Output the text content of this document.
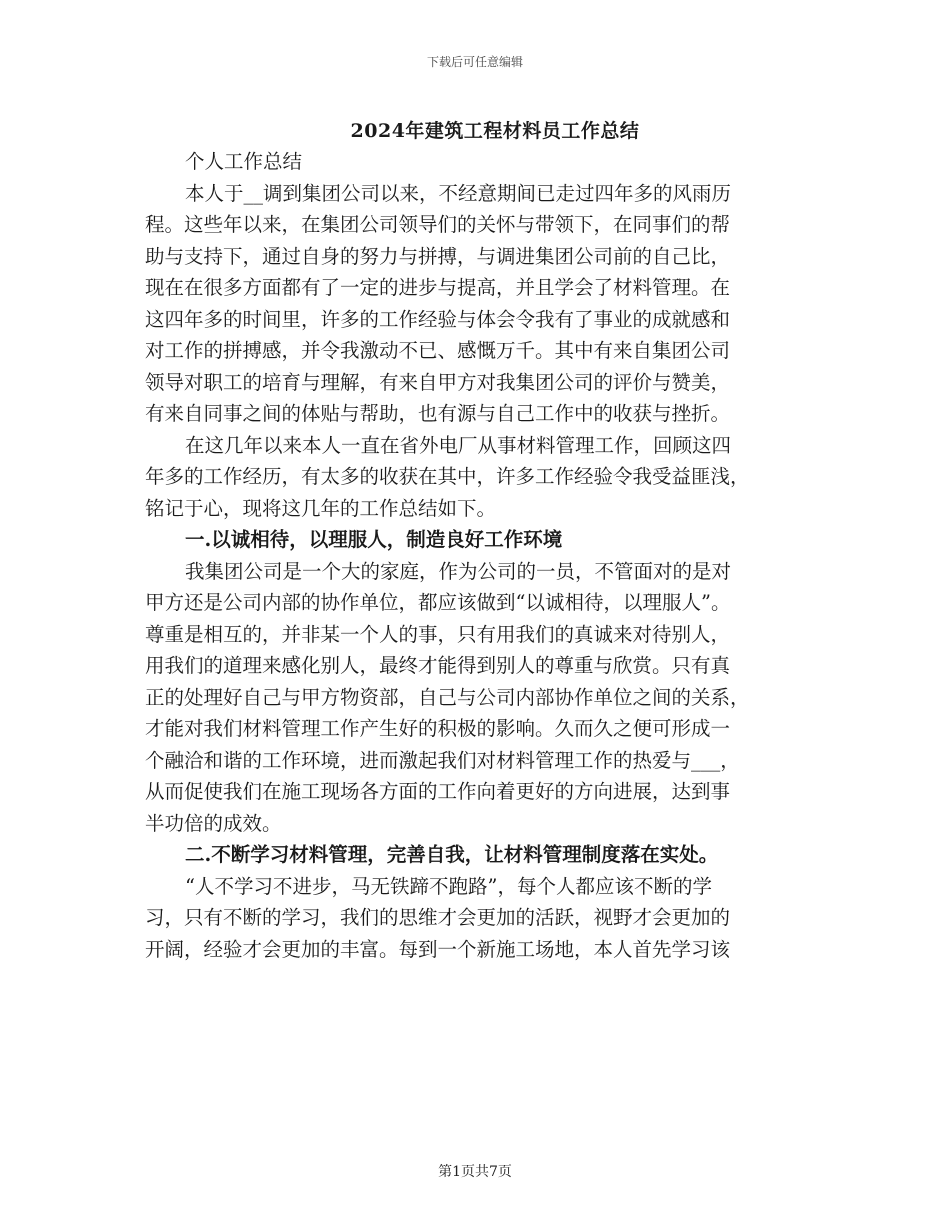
下载后可任意编辑
2024年建筑工程材料员工作总结
个人工作总结
本人于__调到集团公司以来，不经意期间已走过四年多的风雨历
程。这些年以来，在集团公司领导们的关怀与带领下，在同事们的帮
助与支持下，通过自身的努力与拼搏，与调进集团公司前的自己比，
现在在很多方面都有了一定的进步与提高，并且学会了材料管理。在
这四年多的时间里，许多的工作经验与体会令我有了事业的成就感和
对工作的拼搏感，并令我激动不已、感慨万千。其中有来自集团公司
领导对职工的培育与理解，有来自甲方对我集团公司的评价与赞美，
有来自同事之间的体贴与帮助，也有源与自己工作中的收获与挫折。
在这几年以来本人一直在省外电厂从事材料管理工作，回顾这四
年多的工作经历，有太多的收获在其中，许多工作经验令我受益匪浅，
铭记于心，现将这几年的工作总结如下。
一.以诚相待，以理服人，制造良好工作环境
我集团公司是一个大的家庭，作为公司的一员，不管面对的是对
甲方还是公司内部的协作单位，都应该做到“以诚相待，以理服人”。
尊重是相互的，并非某一个人的事，只有用我们的真诚来对待别人，
用我们的道理来感化别人，最终才能得到别人的尊重与欣赏。只有真
正的处理好自己与甲方物资部，自己与公司内部协作单位之间的关系，
才能对我们材料管理工作产生好的积极的影响。久而久之便可形成一
个融洽和谐的工作环境，进而激起我们对材料管理工作的热爱与___，
从而促使我们在施工现场各方面的工作向着更好的方向进展，达到事
半功倍的成效。
二.不断学习材料管理，完善自我，让材料管理制度落在实处。
“人不学习不进步，马无铁蹄不跑路”，每个人都应该不断的学
习，只有不断的学习，我们的思维才会更加的活跃，视野才会更加的
开阔，经验才会更加的丰富。每到一个新施工场地，本人首先学习该
第1页共7页
